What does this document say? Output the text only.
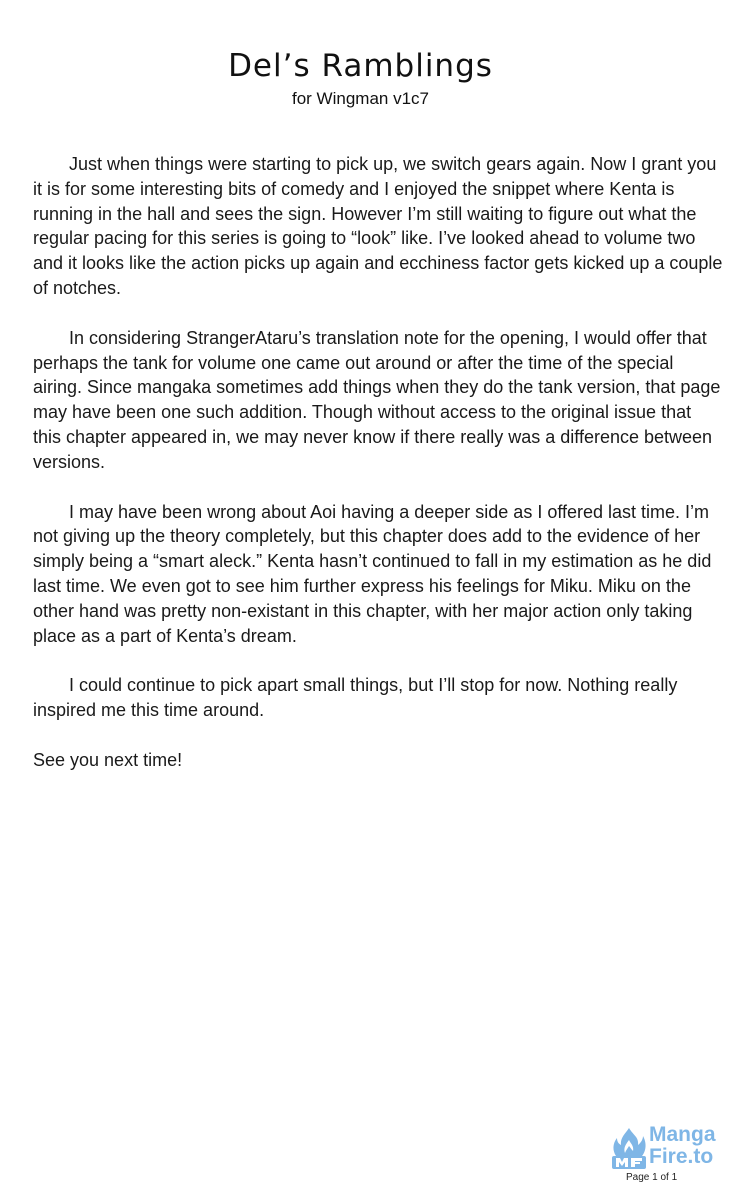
Del’s Ramblings
for Wingman v1c7

Just when things were starting to pick up, we switch gears again. Now I grant you it is for some interesting bits of comedy and I enjoyed the snippet where Kenta is running in the hall and sees the sign. However I’m still waiting to figure out what the regular pacing for this series is going to “look” like. I’ve looked ahead to volume two and it looks like the action picks up again and ecchiness factor gets kicked up a couple of notches.

In considering StrangerAtaru’s translation note for the opening, I would offer that perhaps the tank for volume one came out around or after the time of the special airing. Since mangaka sometimes add things when they do the tank version, that page may have been one such addition. Though without access to the original issue that this chapter appeared in, we may never know if there really was a difference between versions.

I may have been wrong about Aoi having a deeper side as I offered last time. I’m not giving up the theory completely, but this chapter does add to the evidence of her simply being a “smart aleck.” Kenta hasn’t continued to fall in my estimation as he did last time. We even got to see him further express his feelings for Miku. Miku on the other hand was pretty non-existant in this chapter, with her major action only taking place as a part of Kenta’s dream.

I could continue to pick apart small things, but I’ll stop for now. Nothing really inspired me this time around.

See you next time!

Manga
Fire.to
Page 1 of 1
